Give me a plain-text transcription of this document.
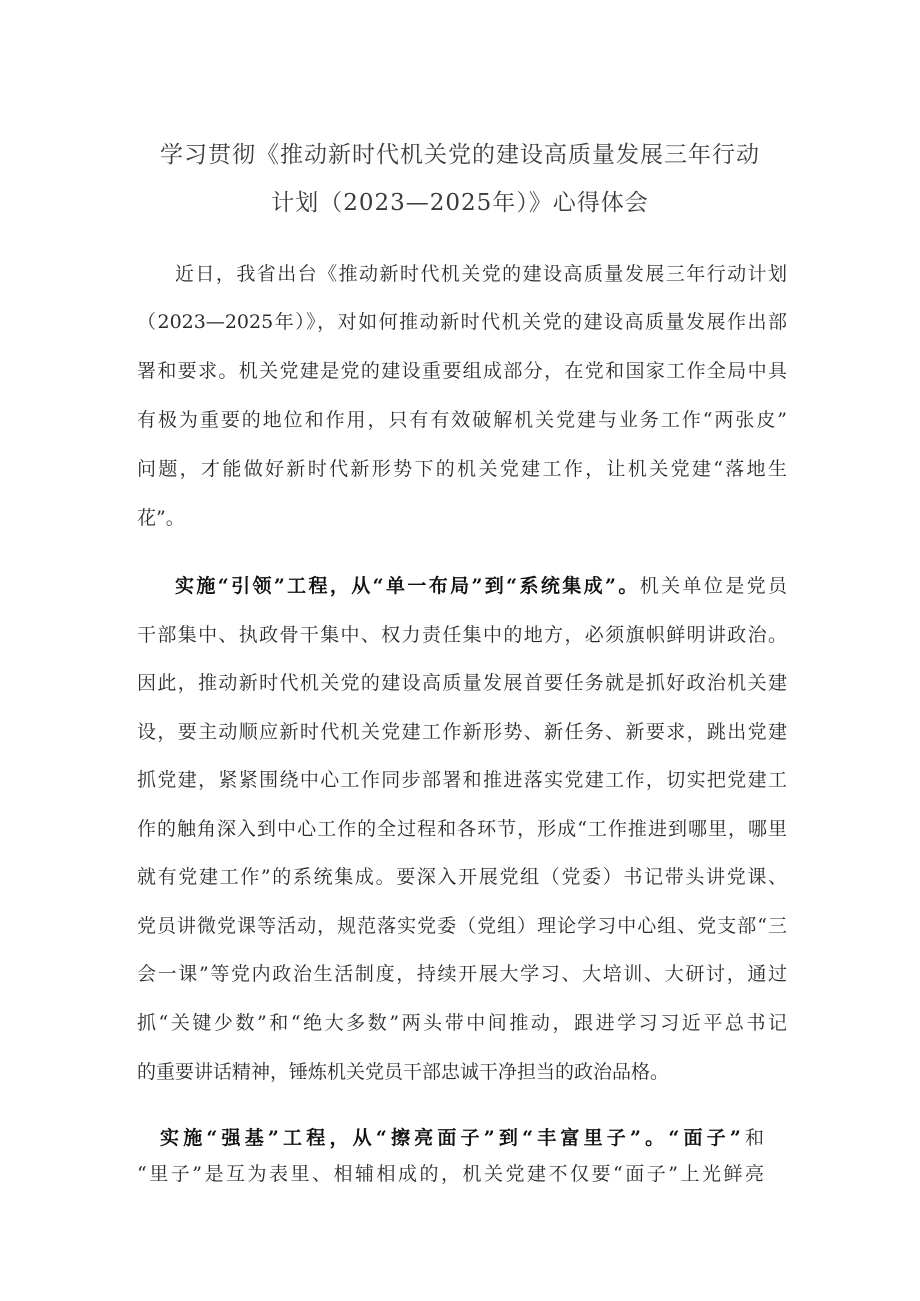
学习贯彻《推动新时代机关党的建设高质量发展三年行动
计划（2023—2025年）》心得体会
近日，我省出台《推动新时代机关党的建设高质量发展三年行动计划
（2023—2025年）》，对如何推动新时代机关党的建设高质量发展作出部
署和要求。机关党建是党的建设重要组成部分，在党和国家工作全局中具
有极为重要的地位和作用，只有有效破解机关党建与业务工作“两张皮”
问题，才能做好新时代新形势下的机关党建工作，让机关党建“落地生
花”。
实施“引领”工程，从“单一布局”到“系统集成”。机关单位是党员
干部集中、执政骨干集中、权力责任集中的地方，必须旗帜鲜明讲政治。
因此，推动新时代机关党的建设高质量发展首要任务就是抓好政治机关建
设，要主动顺应新时代机关党建工作新形势、新任务、新要求，跳出党建
抓党建，紧紧围绕中心工作同步部署和推进落实党建工作，切实把党建工
作的触角深入到中心工作的全过程和各环节，形成“工作推进到哪里，哪里
就有党建工作”的系统集成。要深入开展党组（党委）书记带头讲党课、
党员讲微党课等活动，规范落实党委（党组）理论学习中心组、党支部“三
会一课”等党内政治生活制度，持续开展大学习、大培训、大研讨，通过
抓“关键少数”和“绝大多数”两头带中间推动，跟进学习习近平总书记
的重要讲话精神，锤炼机关党员干部忠诚干净担当的政治品格。
实施“强基”工程，从“擦亮面子”到“丰富里子”。“面子”和
“里子”是互为表里、相辅相成的，机关党建不仅要“面子”上光鲜亮
